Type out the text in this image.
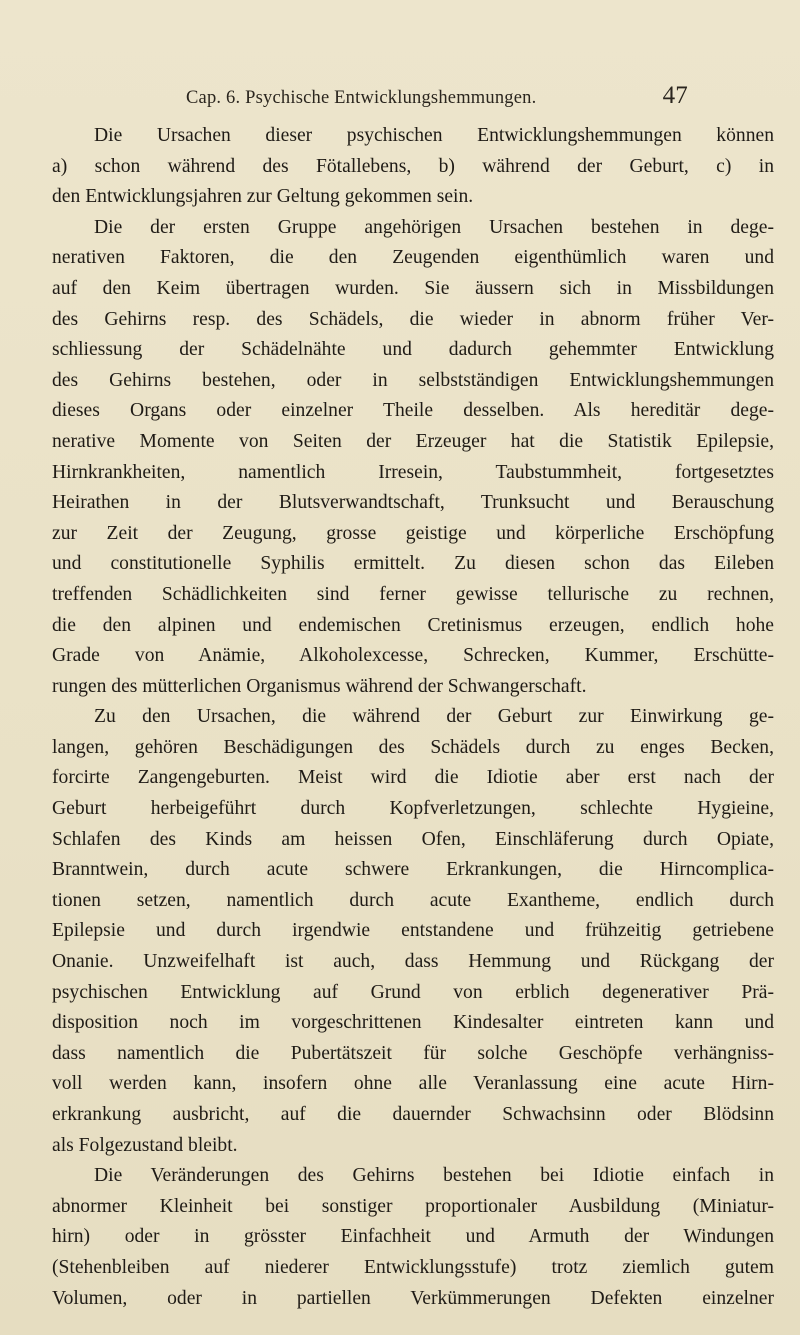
Cap. 6. Psychische Entwicklungshemmungen.	47
Die Ursachen dieser psychischen Entwicklungshemmungen können
a) schon während des Fötallebens, b) während der Geburt, c) in
den Entwicklungsjahren zur Geltung gekommen sein.
Die der ersten Gruppe angehörigen Ursachen bestehen in dege-
nerativen Faktoren, die den Zeugenden eigenthümlich waren und
auf den Keim übertragen wurden. Sie äussern sich in Missbildungen
des Gehirns resp. des Schädels, die wieder in abnorm früher Ver-
schliessung der Schädelnähte und dadurch gehemmter Entwicklung
des Gehirns bestehen, oder in selbstständigen Entwicklungshemmungen
dieses Organs oder einzelner Theile desselben. Als hereditär dege-
nerative Momente von Seiten der Erzeuger hat die Statistik Epilepsie,
Hirnkrankheiten, namentlich Irresein, Taubstummheit, fortgesetztes
Heirathen in der Blutsverwandtschaft, Trunksucht und Berauschung
zur Zeit der Zeugung, grosse geistige und körperliche Erschöpfung
und constitutionelle Syphilis ermittelt. Zu diesen schon das Eileben
treffenden Schädlichkeiten sind ferner gewisse tellurische zu rechnen,
die den alpinen und endemischen Cretinismus erzeugen, endlich hohe
Grade von Anämie, Alkoholexcesse, Schrecken, Kummer, Erschütte-
rungen des mütterlichen Organismus während der Schwangerschaft.
Zu den Ursachen, die während der Geburt zur Einwirkung ge-
langen, gehören Beschädigungen des Schädels durch zu enges Becken,
forcirte Zangengeburten. Meist wird die Idiotie aber erst nach der
Geburt herbeigeführt durch Kopfverletzungen, schlechte Hygieine,
Schlafen des Kinds am heissen Ofen, Einschläferung durch Opiate,
Branntwein, durch acute schwere Erkrankungen, die Hirncomplica-
tionen setzen, namentlich durch acute Exantheme, endlich durch
Epilepsie und durch irgendwie entstandene und frühzeitig getriebene
Onanie. Unzweifelhaft ist auch, dass Hemmung und Rückgang der
psychischen Entwicklung auf Grund von erblich degenerativer Prä-
disposition noch im vorgeschrittenen Kindesalter eintreten kann und
dass namentlich die Pubertätszeit für solche Geschöpfe verhängniss-
voll werden kann, insofern ohne alle Veranlassung eine acute Hirn-
erkrankung ausbricht, auf die dauernder Schwachsinn oder Blödsinn
als Folgezustand bleibt.
Die Veränderungen des Gehirns bestehen bei Idiotie einfach in
abnormer Kleinheit bei sonstiger proportionaler Ausbildung (Miniatur-
hirn) oder in grösster Einfachheit und Armuth der Windungen
(Stehenbleiben auf niederer Entwicklungsstufe) trotz ziemlich gutem
Volumen, oder in partiellen Verkümmerungen Defekten einzelner
